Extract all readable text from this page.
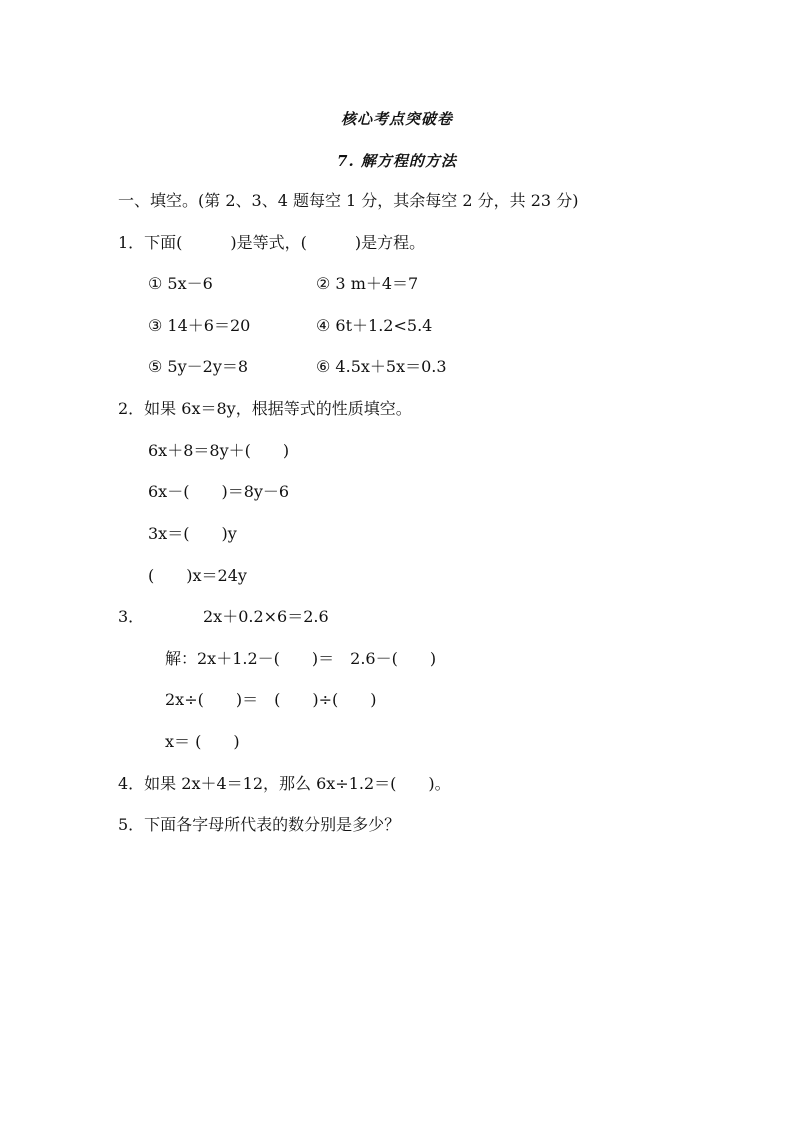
核心考点突破卷
7. 解方程的方法
一、填空。(第 2、3、4 题每空 1 分，其余每空 2 分，共 23 分)
1．下面(　　　)是等式，(　　　)是方程。
① 5x－6	② 3 m＋4＝7
③ 14＋6＝20	④ 6t＋1.2<5.4
⑤ 5y－2y＝8	⑥ 4.5x＋5x＝0.3
2．如果 6x＝8y，根据等式的性质填空。
6x＋8＝8y＋(　　)
6x－(　　)＝8y－6
3x＝(　　)y
(　　)x＝24y
3．	2x＋0.2×6＝2.6
解：2x＋1.2－(　　)＝　2.6－(　　)
2x÷(　　)＝　(　　)÷(　　)
x＝ (　　)
4．如果 2x＋4＝12，那么 6x÷1.2＝(　　)。
5．下面各字母所代表的数分别是多少？
